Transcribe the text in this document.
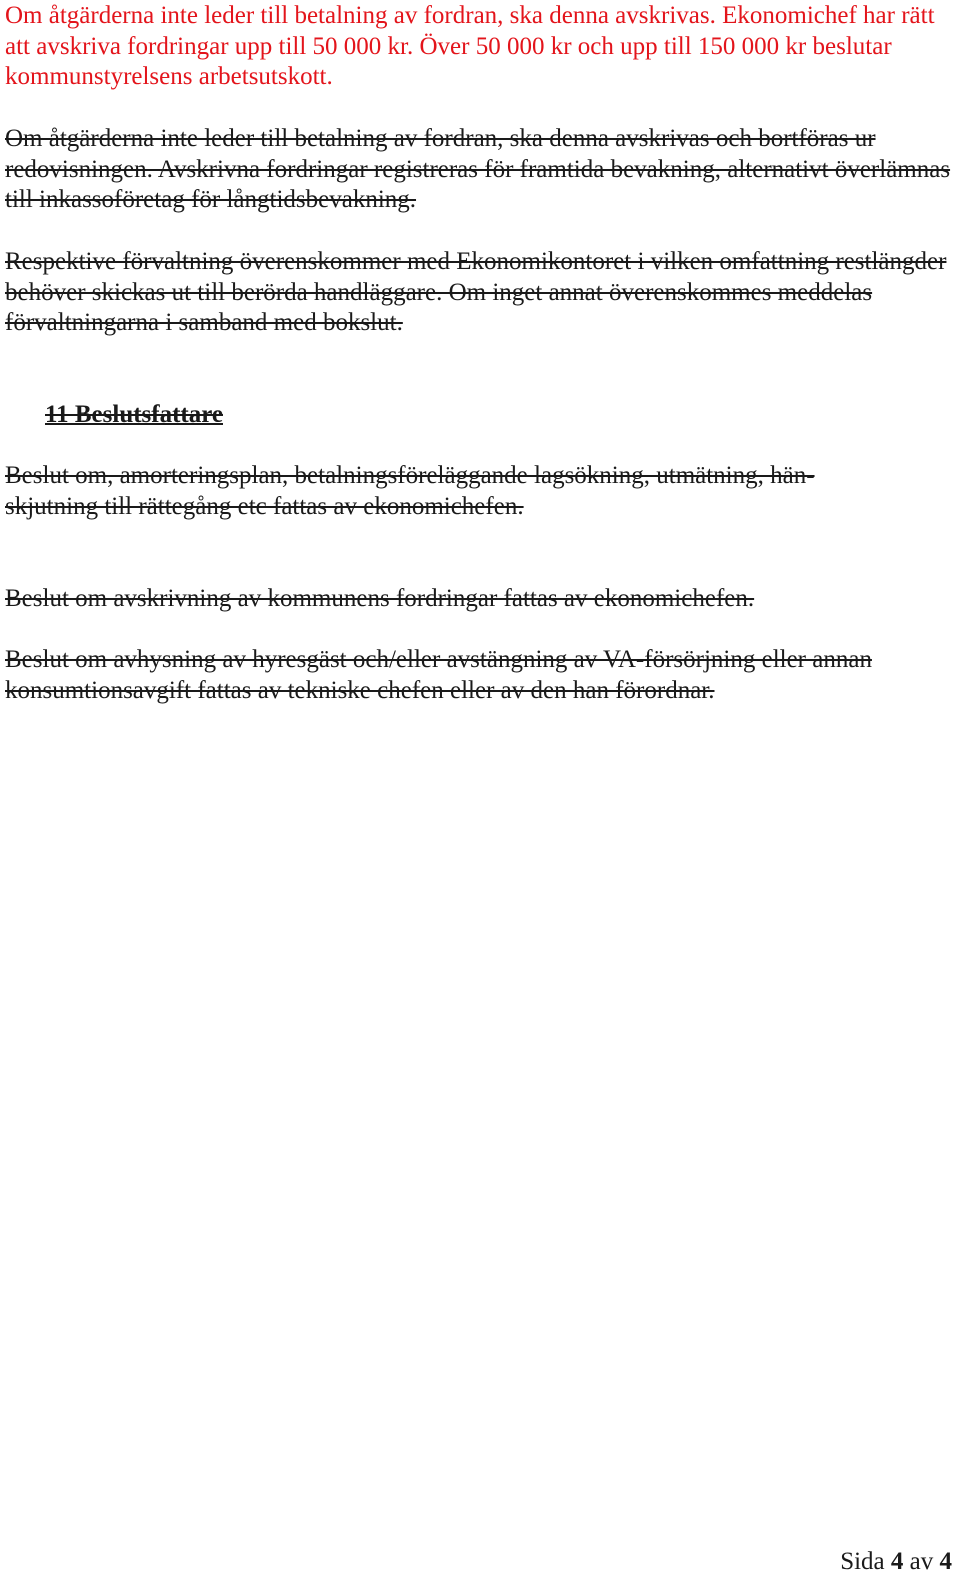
Om åtgärderna inte leder till betalning av fordran, ska denna avskrivas. Ekonomichef har rätt att avskriva fordringar upp till 50 000 kr. Över 50 000 kr och upp till 150 000 kr beslutar kommunstyrelsens arbetsutskott.

Om åtgärderna inte leder till betalning av fordran, ska denna avskrivas och bortföras ur redovisningen. Avskrivna fordringar registreras för framtida bevakning, alternativt överlämnas till inkassoföretag för långtidsbevakning.

Respektive förvaltning överenskommer med Ekonomikontoret i vilken omfattning restlängder behöver skickas ut till berörda handläggare. Om inget annat överenskommes meddelas förvaltningarna i samband med bokslut.

11 Beslutsfattare

Beslut om, amorteringsplan, betalningsföreläggande lagsökning, utmätning, hän-skjutning till rättegång etc fattas av ekonomichefen.

Beslut om avskrivning av kommunens fordringar fattas av ekonomichefen.

Beslut om avhysning av hyresgäst och/eller avstängning av VA-försörjning eller annan konsumtionsavgift fattas av tekniske chefen eller av den han förordnar.

Sida 4 av 4
